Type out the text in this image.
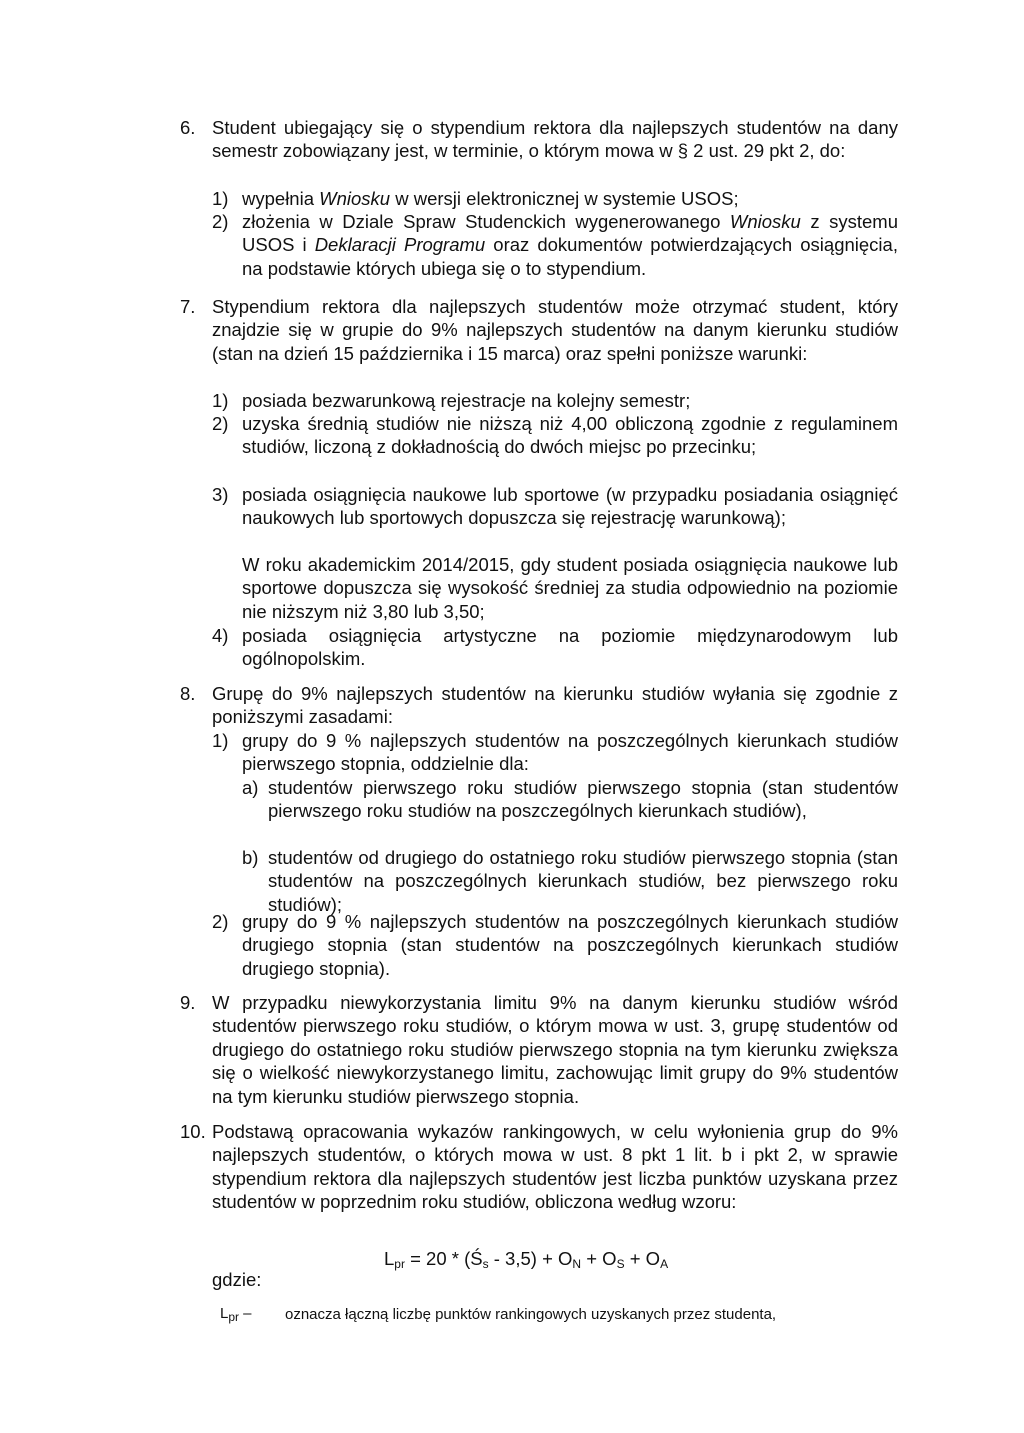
6. Student ubiegający się o stypendium rektora dla najlepszych studentów na dany semestr zobowiązany jest, w terminie, o którym mowa w § 2 ust. 29 pkt 2, do:
1) wypełnia Wniosku w wersji elektronicznej w systemie USOS;
2) złożenia w Dziale Spraw Studenckich wygenerowanego Wniosku z systemu USOS i Deklaracji Programu oraz dokumentów potwierdzających osiągnięcia, na podstawie których ubiega się o to stypendium.
7. Stypendium rektora dla najlepszych studentów może otrzymać student, który znajdzie się w grupie do 9% najlepszych studentów na danym kierunku studiów (stan na dzień 15 października i 15 marca) oraz spełni poniższe warunki:
1) posiada bezwarunkową rejestracje na kolejny semestr;
2) uzyska średnią studiów nie niższą niż 4,00 obliczoną zgodnie z regulaminem studiów, liczoną z dokładnością do dwóch miejsc po przecinku;
3) posiada osiągnięcia naukowe lub sportowe (w przypadku posiadania osiągnięć naukowych lub sportowych dopuszcza się rejestrację warunkową);
W roku akademickim 2014/2015, gdy student posiada osiągnięcia naukowe lub sportowe dopuszcza się wysokość średniej za studia odpowiednio na poziomie nie niższym niż 3,80 lub 3,50;
4) posiada osiągnięcia artystyczne na poziomie międzynarodowym lub ogólnopolskim.
8. Grupę do 9% najlepszych studentów na kierunku studiów wyłania się zgodnie z poniższymi zasadami:
1) grupy do 9 % najlepszych studentów na poszczególnych kierunkach studiów pierwszego stopnia, oddzielnie dla:
a) studentów pierwszego roku studiów pierwszego stopnia (stan studentów pierwszego roku studiów na poszczególnych kierunkach studiów),
b) studentów od drugiego do ostatniego roku studiów pierwszego stopnia (stan studentów na poszczególnych kierunkach studiów, bez pierwszego roku studiów);
2) grupy do 9 % najlepszych studentów na poszczególnych kierunkach studiów drugiego stopnia (stan studentów na poszczególnych kierunkach studiów drugiego stopnia).
9. W przypadku niewykorzystania limitu 9% na danym kierunku studiów wśród studentów pierwszego roku studiów, o którym mowa w ust. 3, grupę studentów od drugiego do ostatniego roku studiów pierwszego stopnia na tym kierunku zwiększa się o wielkość niewykorzystanego limitu, zachowując limit grupy do 9% studentów na tym kierunku studiów pierwszego stopnia.
10. Podstawą opracowania wykazów rankingowych, w celu wyłonienia grup do 9% najlepszych studentów, o których mowa w ust. 8 pkt 1 lit. b i pkt 2, w sprawie stypendium rektora dla najlepszych studentów jest liczba punktów uzyskana przez studentów w poprzednim roku studiów, obliczona według wzoru:
$L_{pr} = 20$ * $(Ś_s - 3,5) + O_N + O_S + O_A$
gdzie:
$L_{pr}$ – oznacza łączną liczbę punktów rankingowych uzyskanych przez studenta,
